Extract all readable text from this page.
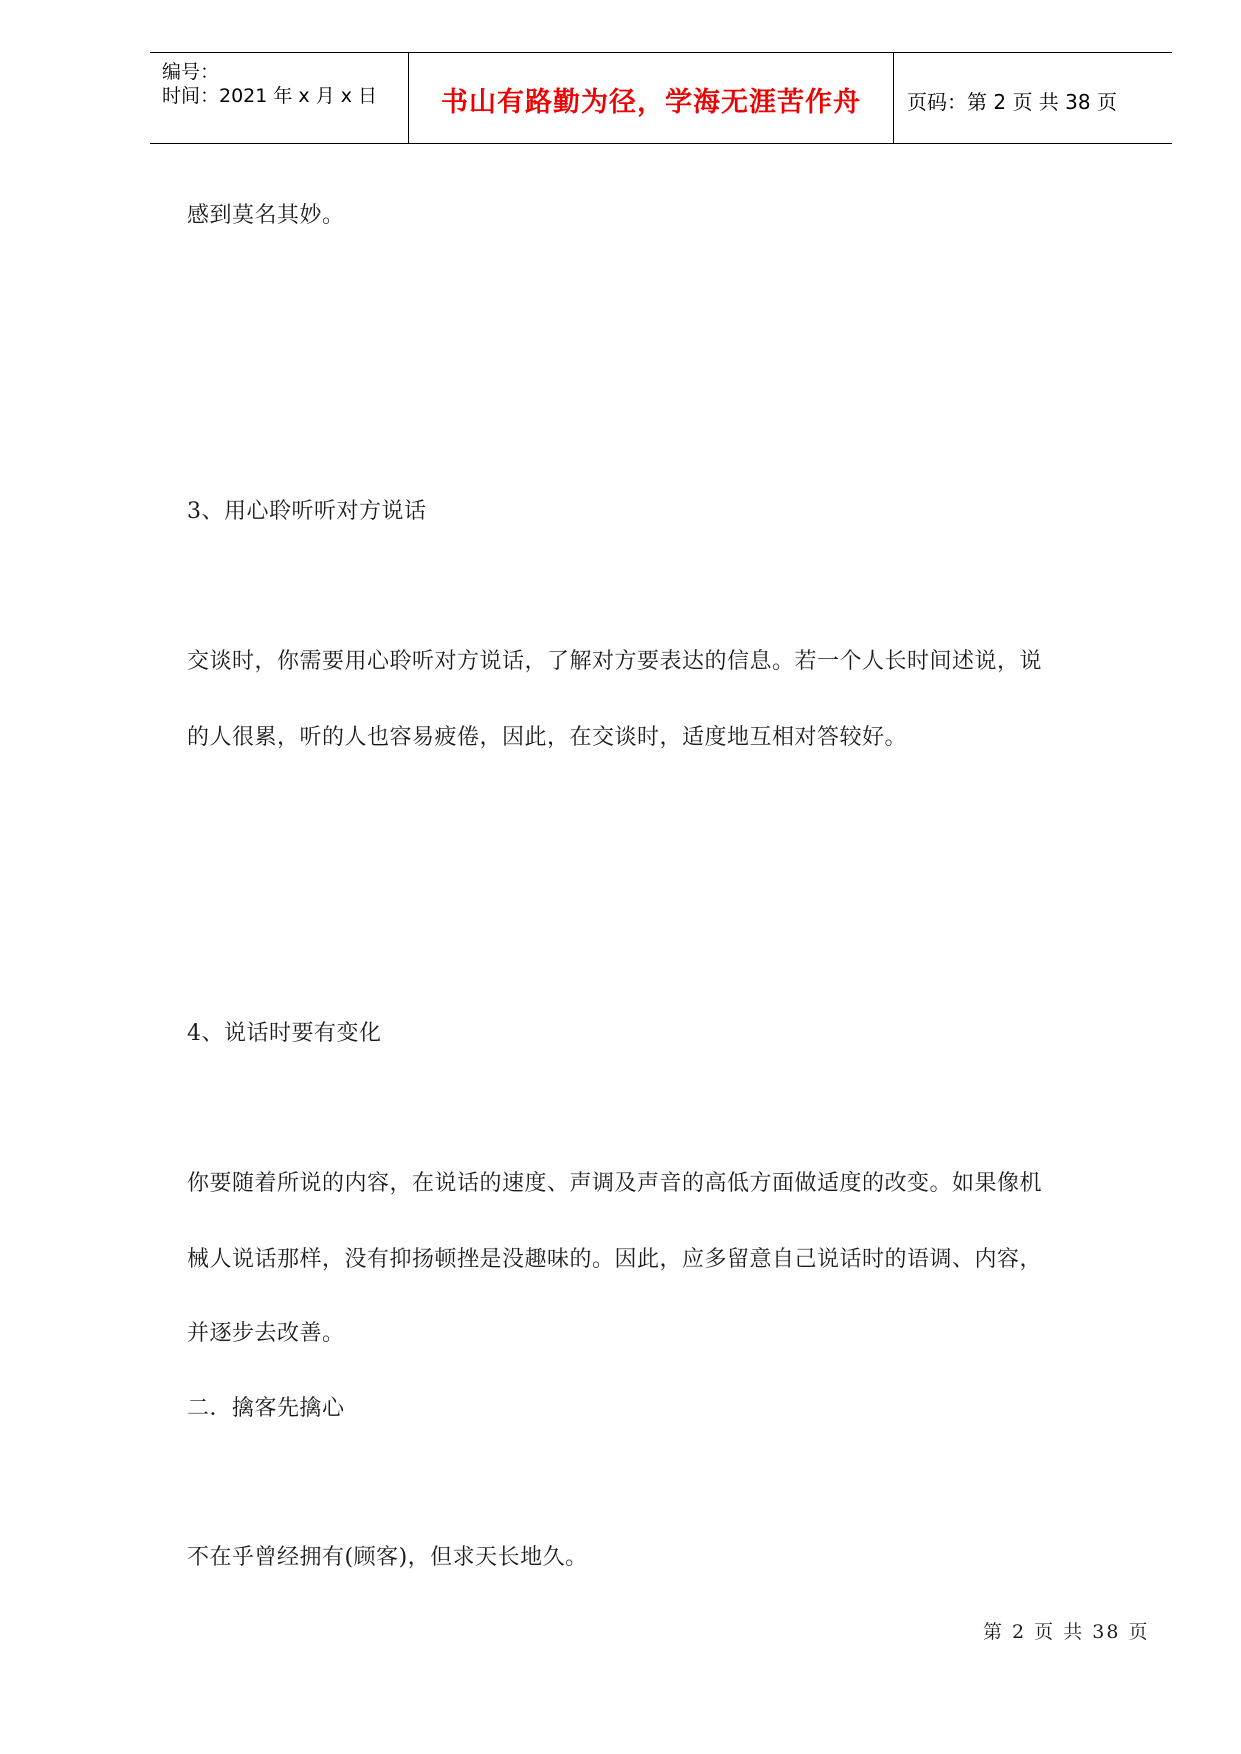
编号：
时间：2021 年 x 月 x 日	书山有路勤为径，学海无涯苦作舟	页码：第 2 页 共 38 页
感到莫名其妙。
3、用心聆听听对方说话
交谈时，你需要用心聆听对方说话，了解对方要表达的信息。若一个人长时间述说，说
的人很累，听的人也容易疲倦，因此，在交谈时，适度地互相对答较好。
4、说话时要有变化
你要随着所说的内容，在说话的速度、声调及声音的高低方面做适度的改变。如果像机
械人说话那样，没有抑扬顿挫是没趣味的。因此，应多留意自己说话时的语调、内容，
并逐步去改善。
二．擒客先擒心
不在乎曾经拥有(顾客)，但求天长地久。
第 2 页 共 38 页
